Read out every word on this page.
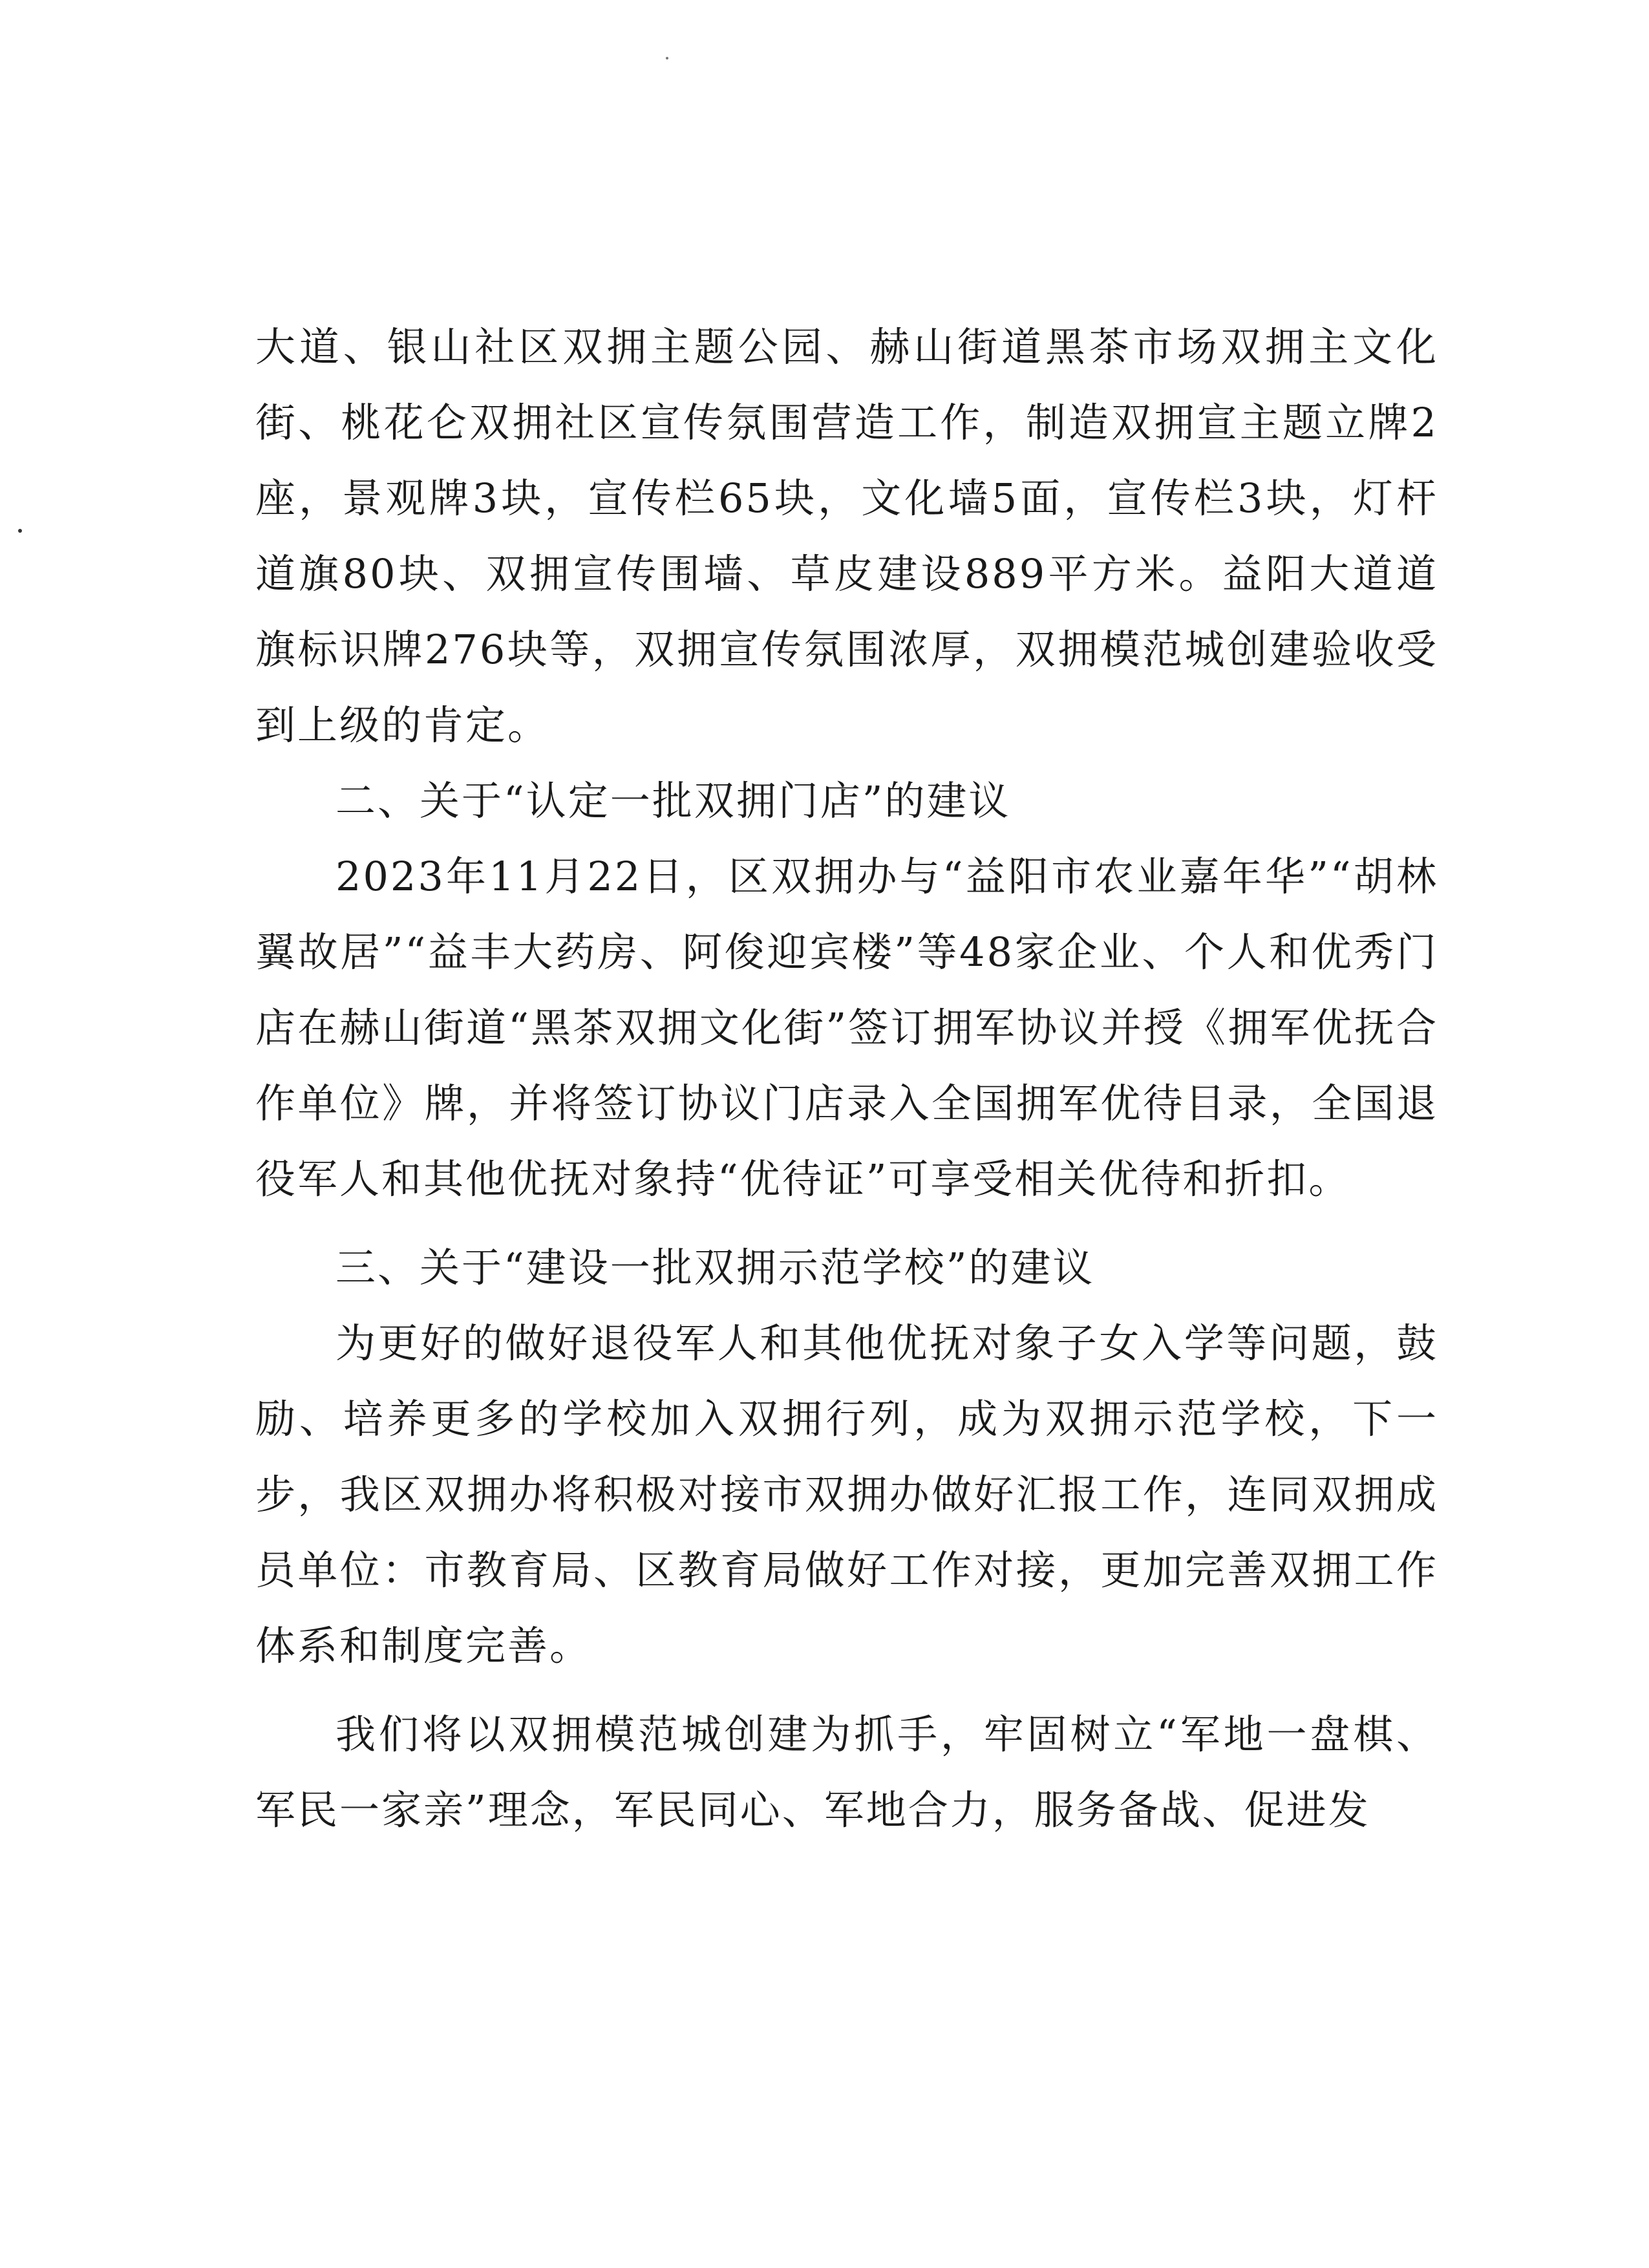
大道、银山社区双拥主题公园、赫山街道黑茶市场双拥主文化街、桃花仑双拥社区宣传氛围营造工作，制造双拥宣主题立牌2座，景观牌3块，宣传栏65块，文化墙5面，宣传栏3块，灯杆道旗80块、双拥宣传围墙、草皮建设889平方米。益阳大道道旗标识牌276块等，双拥宣传氛围浓厚，双拥模范城创建验收受到上级的肯定。

二、关于“认定一批双拥门店”的建议

2023年11月22日，区双拥办与“益阳市农业嘉年华”“胡林翼故居”“益丰大药房、阿俊迎宾楼”等48家企业、个人和优秀门店在赫山街道“黑茶双拥文化街”签订拥军协议并授《拥军优抚合作单位》牌，并将签订协议门店录入全国拥军优待目录，全国退役军人和其他优抚对象持“优待证”可享受相关优待和折扣。

三、关于“建设一批双拥示范学校”的建议

为更好的做好退役军人和其他优抚对象子女入学等问题，鼓励、培养更多的学校加入双拥行列，成为双拥示范学校，下一步，我区双拥办将积极对接市双拥办做好汇报工作，连同双拥成员单位：市教育局、区教育局做好工作对接，更加完善双拥工作体系和制度完善。

我们将以双拥模范城创建为抓手，牢固树立“军地一盘棋、军民一家亲”理念，军民同心、军地合力，服务备战、促进发
